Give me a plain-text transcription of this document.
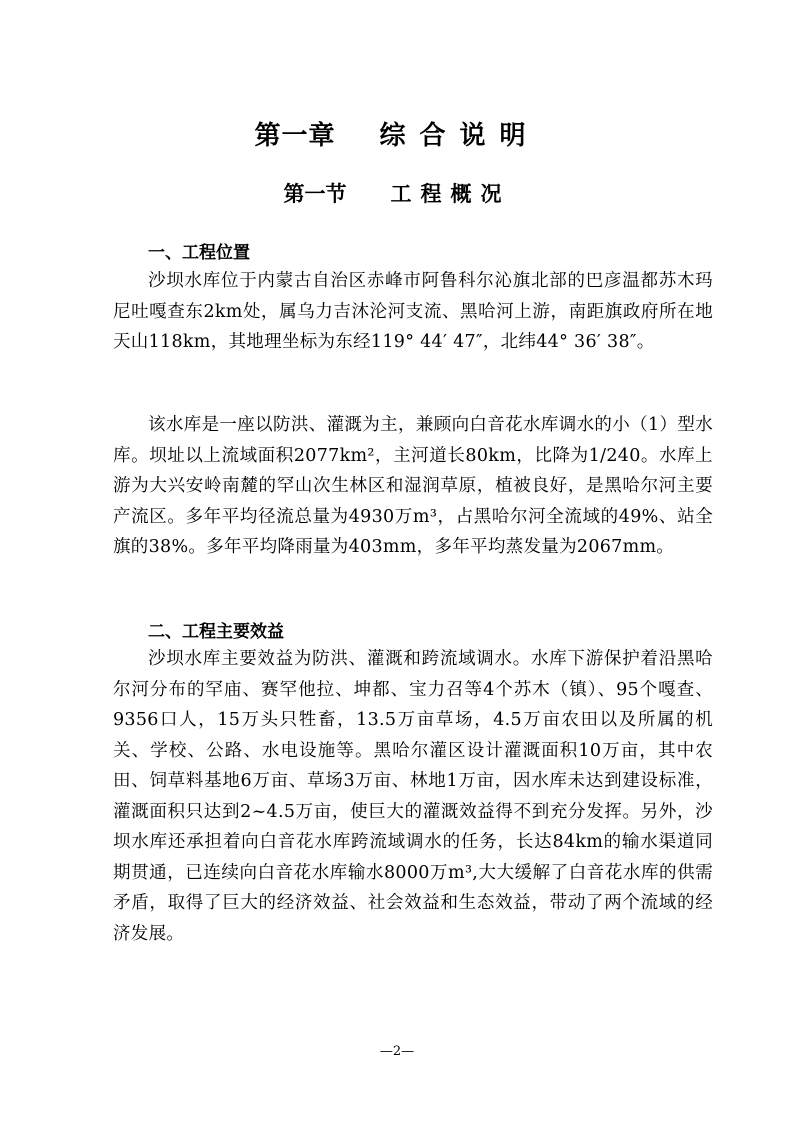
第一章 综合说明
第一节 工程概况
一、工程位置

沙坝水库位于内蒙古自治区赤峰市阿鲁科尔沁旗北部的巴彦温都苏木玛尼吐嘎查东2km处，属乌力吉沐沦河支流、黑哈河上游，南距旗政府所在地天山118km，其地理坐标为东经119° 44′ 47″，北纬44° 36′ 38″。

该水库是一座以防洪、灌溉为主，兼顾向白音花水库调水的小（1）型水库。坝址以上流域面积2077km²，主河道长80km，比降为1/240。水库上游为大兴安岭南麓的罕山次生林区和湿润草原，植被良好，是黑哈尔河主要产流区。多年平均径流总量为4930万m³，占黑哈尔河全流域的49%、站全旗的38%。多年平均降雨量为403mm，多年平均蒸发量为2067mm。

二、工程主要效益

沙坝水库主要效益为防洪、灌溉和跨流域调水。水库下游保护着沿黑哈尔河分布的罕庙、赛罕他拉、坤都、宝力召等4个苏木（镇）、95个嘎查、9356口人，15万头只牲畜，13.5万亩草场，4.5万亩农田以及所属的机关、学校、公路、水电设施等。黑哈尔灌区设计灌溉面积10万亩，其中农田、饲草料基地6万亩、草场3万亩、林地1万亩，因水库未达到建设标准，灌溉面积只达到2~4.5万亩，使巨大的灌溉效益得不到充分发挥。另外，沙坝水库还承担着向白音花水库跨流域调水的任务，长达84km的输水渠道同期贯通，已连续向白音花水库输水8000万m³,大大缓解了白音花水库的供需矛盾，取得了巨大的经济效益、社会效益和生态效益，带动了两个流域的经济发展。

—2—
